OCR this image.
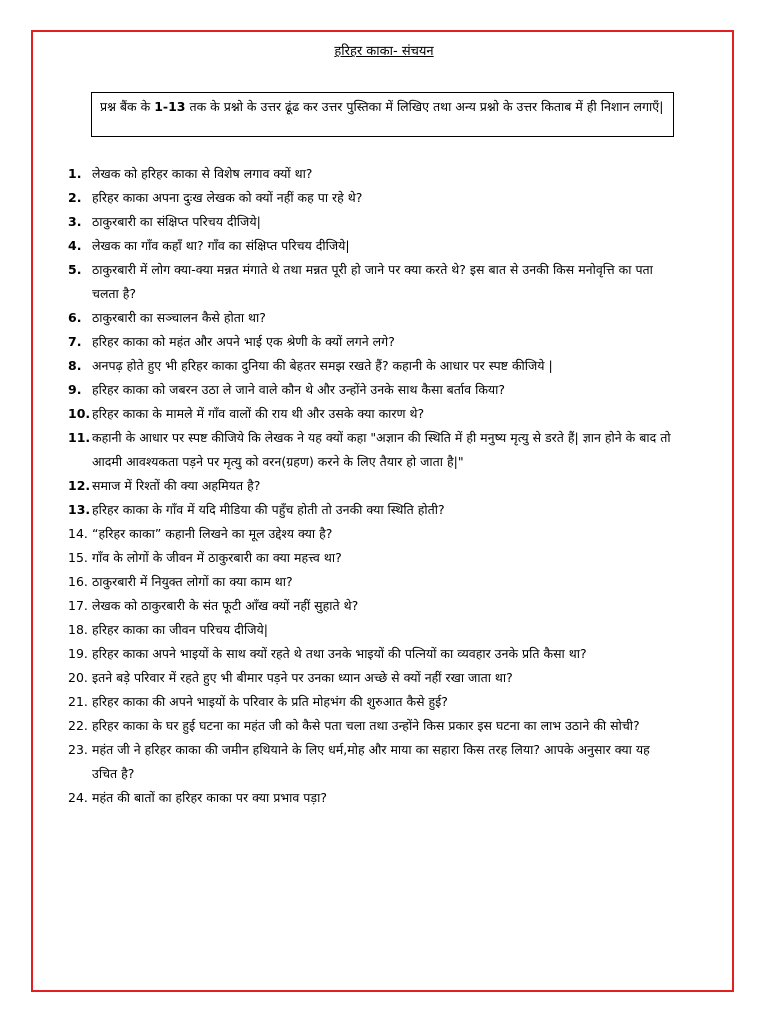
हरिहर काका- संचयन
प्रश्न बैंक के 1-13 तक के प्रश्नो के उत्तर ढूंढ कर उत्तर पुस्तिका में लिखिए तथा अन्य प्रश्नो के उत्तर किताब में ही निशान लगाएँ|
1. लेखक को हरिहर काका से विशेष लगाव क्यों था?
2. हरिहर काका अपना दुःख लेखक को क्यों नहीं कह पा रहे थे?
3. ठाकुरबारी का संक्षिप्त परिचय दीजिये|
4. लेखक का गाँव कहाँ था? गाँव का संक्षिप्त परिचय दीजिये|
5. ठाकुरबारी में लोग क्या-क्या मन्नत मंगाते थे तथा मन्नत पूरी हो जाने पर क्या करते थे? इस बात से उनकी किस मनोवृत्ति का पता चलता है?
6. ठाकुरबारी का सञ्चालन कैसे होता था?
7. हरिहर काका को महंत और अपने भाई एक श्रेणी के क्यों लगने लगे?
8. अनपढ़ होते हुए भी हरिहर काका दुनिया की बेहतर समझ रखते हैं? कहानी के आधार पर स्पष्ट कीजिये |
9. हरिहर काका को जबरन उठा ले जाने वाले कौन थे और उन्होंने उनके साथ कैसा बर्ताव किया?
10. हरिहर काका के मामले में गाँव वालों की राय थी और उसके क्या कारण थे?
11. कहानी के आधार पर स्पष्ट कीजिये कि लेखक ने यह क्यों कहा "अज्ञान की स्थिति में ही मनुष्य मृत्यु से डरते हैं| ज्ञान होने के बाद तो आदमी आवश्यकता पड़ने पर मृत्यु को वरन(ग्रहण) करने के लिए तैयार हो जाता है|"
12. समाज में रिश्तों की क्या अहमियत है?
13. हरिहर काका के गाँव में यदि मीडिया की पहुँच होती तो उनकी क्या स्थिति होती?
14. “हरिहर काका” कहानी लिखने का मूल उद्देश्य क्या है?
15. गाँव के लोगों के जीवन में ठाकुरबारी का क्या महत्त्व था?
16. ठाकुरबारी में नियुक्त लोगों का क्या काम था?
17. लेखक को ठाकुरबारी के संत फूटी आँख क्यों नहीं सुहाते थे?
18. हरिहर काका का जीवन परिचय दीजिये|
19. हरिहर काका अपने भाइयों के साथ क्यों रहते थे तथा उनके भाइयों की पत्नियों का व्यवहार उनके प्रति कैसा था?
20. इतने बड़े परिवार में रहते हुए भी बीमार पड़ने पर उनका ध्यान अच्छे से क्यों नहीं रखा जाता था?
21. हरिहर काका की अपने भाइयों के परिवार के प्रति मोहभंग की शुरुआत कैसे हुई?
22. हरिहर काका के घर हुई घटना का महंत जी को कैसे पता चला तथा उन्होंने किस प्रकार इस घटना का लाभ उठाने की सोची?
23. महंत जी ने हरिहर काका की जमीन हथियाने के लिए धर्म,मोह और माया का सहारा किस तरह लिया? आपके अनुसार क्या यह उचित है?
24. महंत की बातों का हरिहर काका पर क्या प्रभाव पड़ा?
